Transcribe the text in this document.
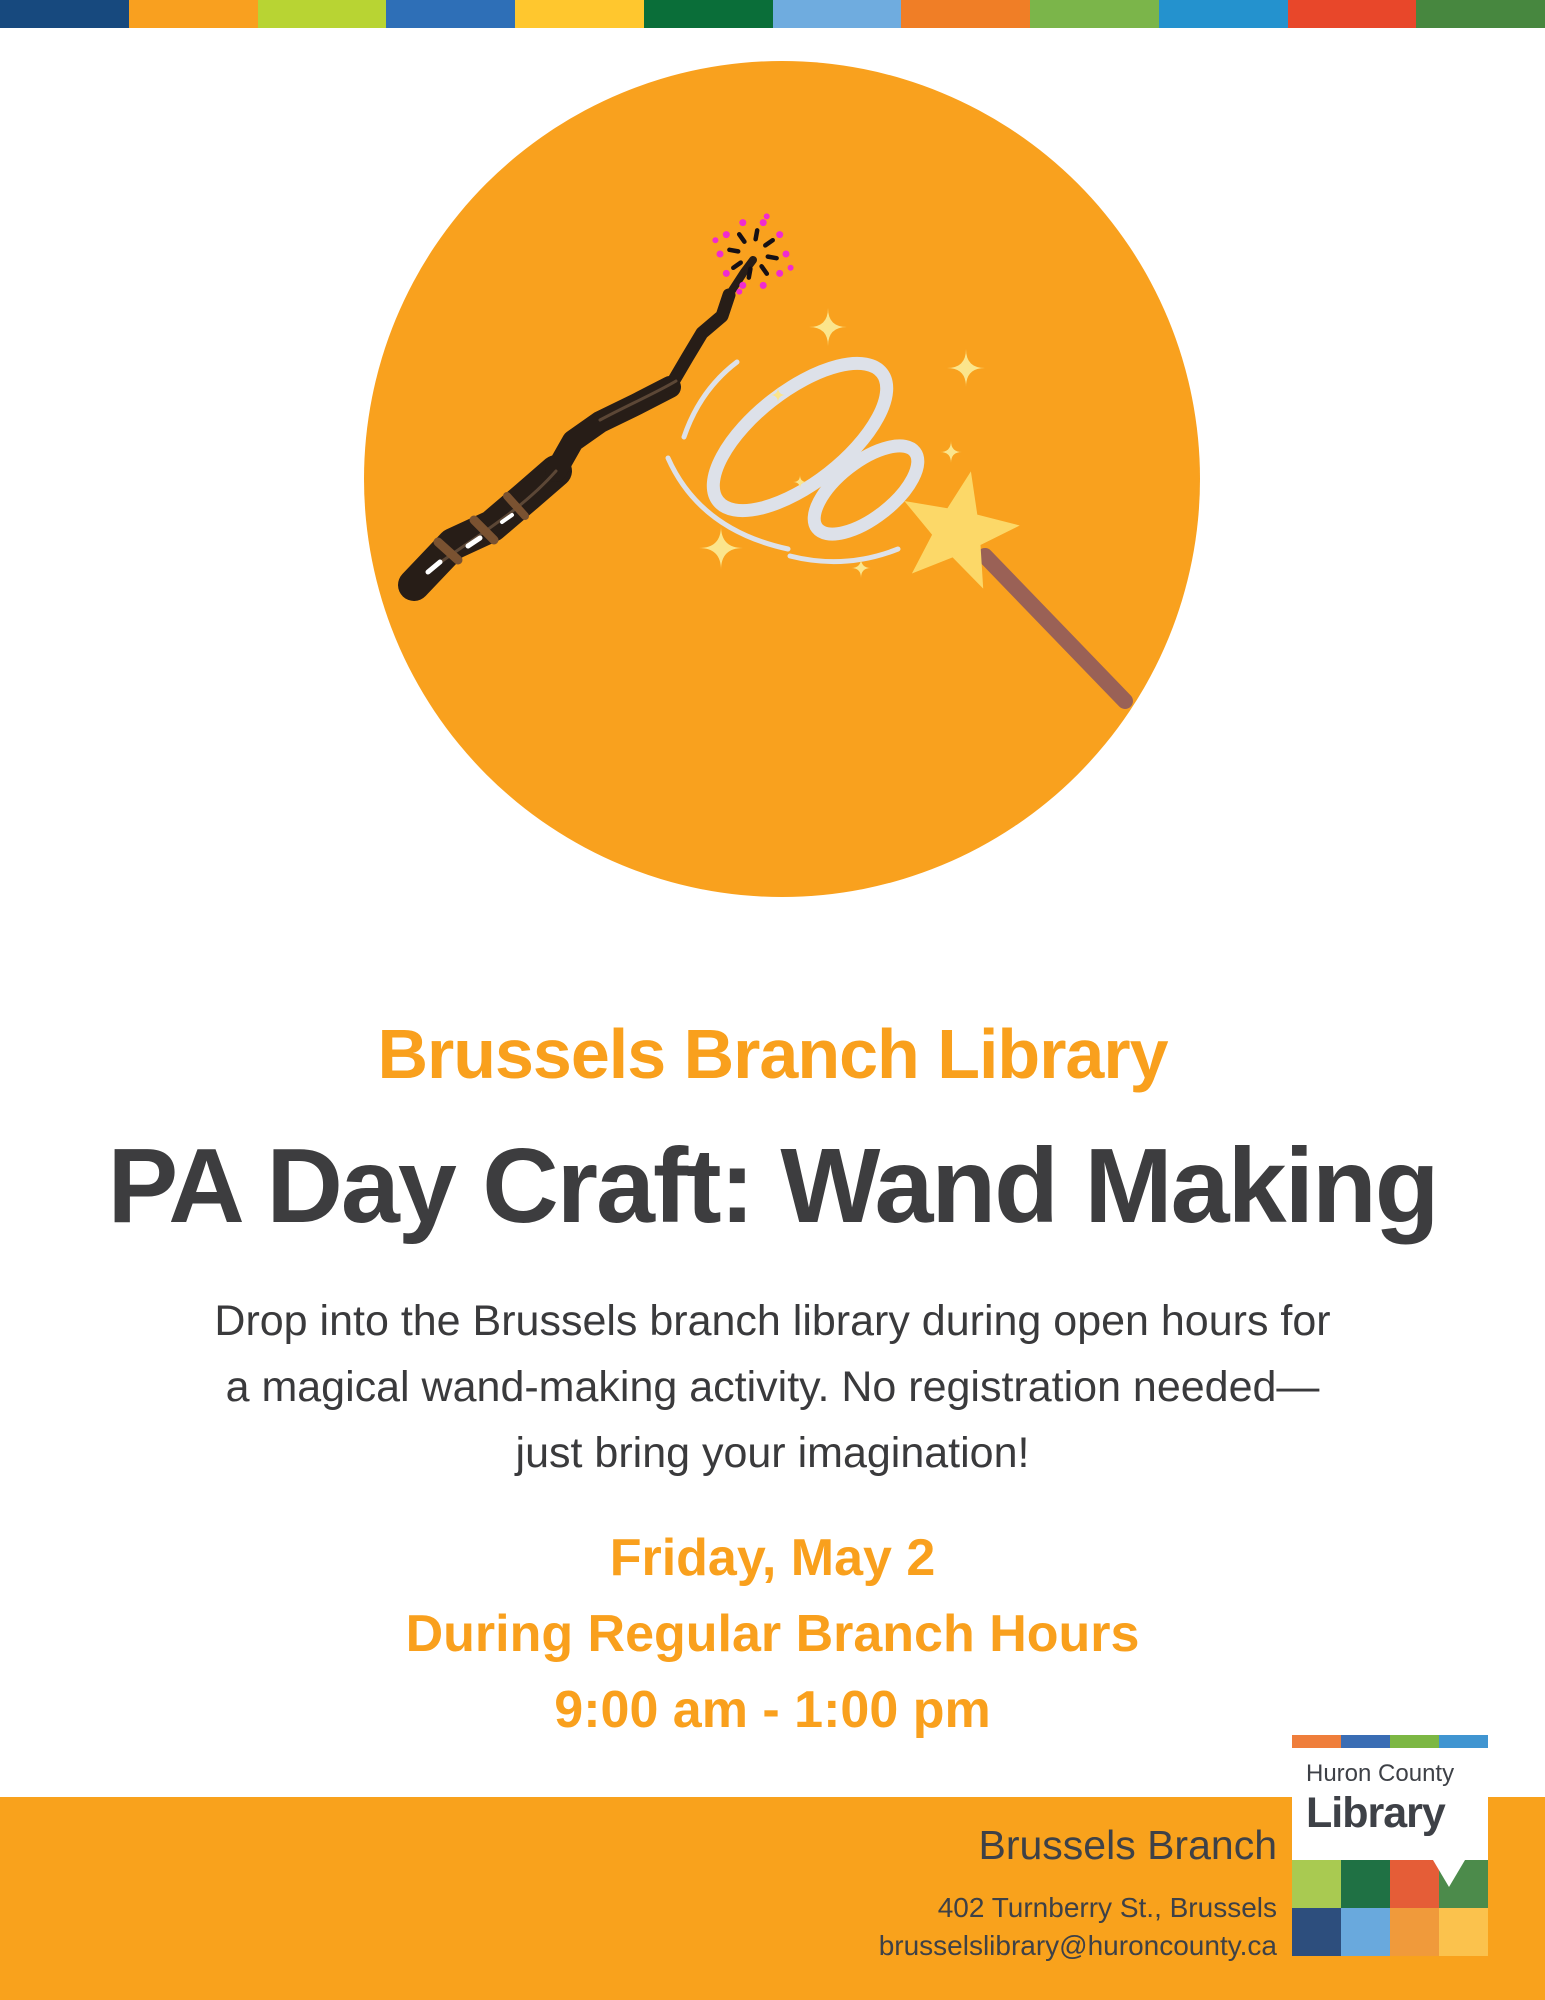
Brussels Branch Library
PA Day Craft: Wand Making
Drop into the Brussels branch library during open hours for
a magical wand-making activity. No registration needed—
just bring your imagination!
Friday, May 2
During Regular Branch Hours
9:00 am - 1:00 pm
Brussels Branch
402 Turnberry St., Brussels
brusselslibrary@huroncounty.ca
Huron County
Library
